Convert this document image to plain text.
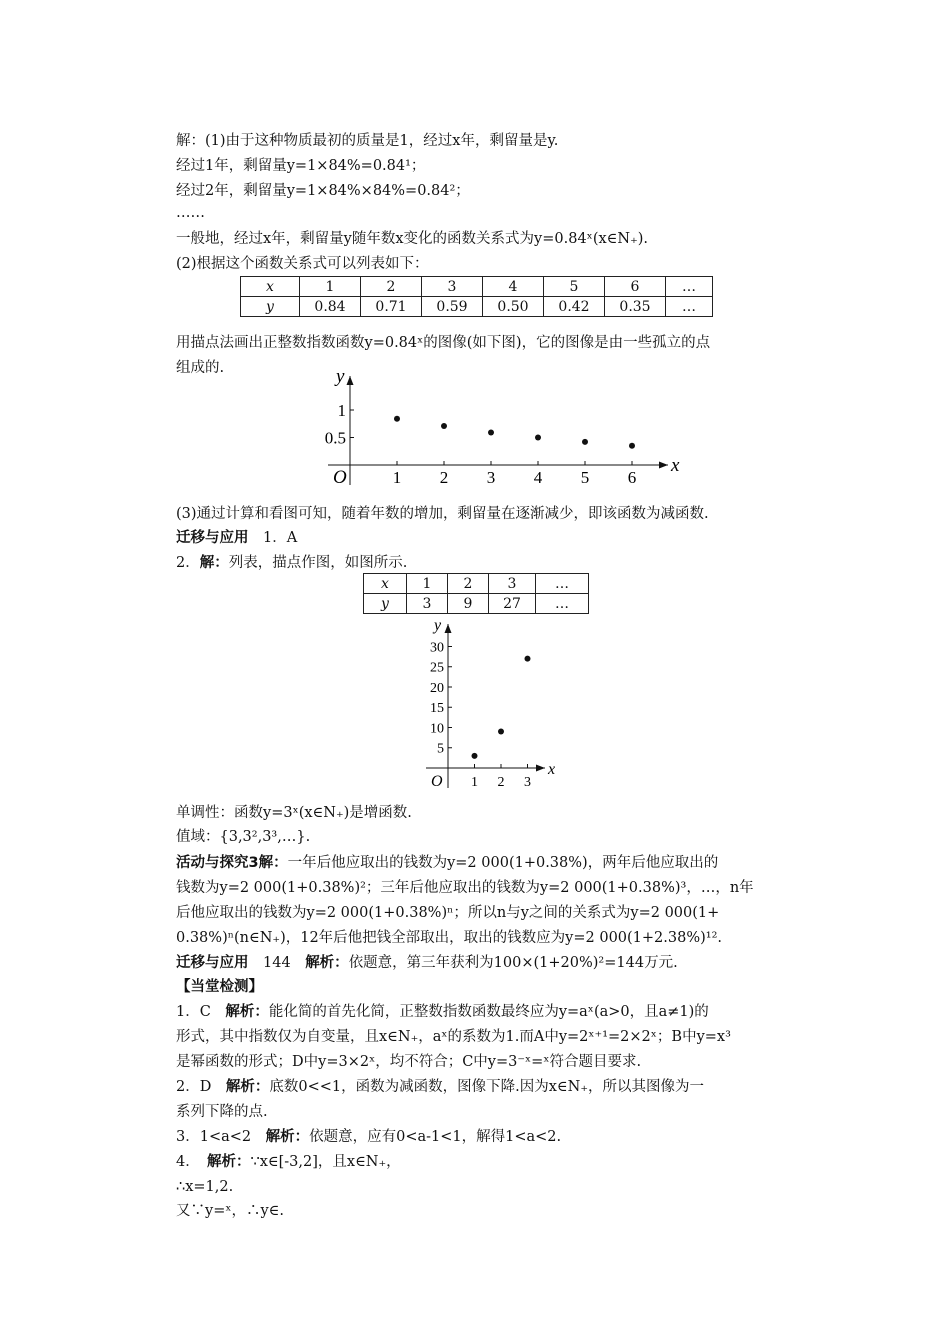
解：(1)由于这种物质最初的质量是1，经过x年，剩留量是y.
经过1年，剩留量y=1×84%=0.84¹；
经过2年，剩留量y=1×84%×84%=0.84²；
……
一般地，经过x年，剩留量y随年数x变化的函数关系式为y=0.84ˣ(x∈N₊).
(2)根据这个函数关系式可以列表如下：
x	1	2	3	4	5	6	…
y	0.84	0.71	0.59	0.50	0.42	0.35	…
用描点法画出正整数指数函数y=0.84ˣ的图像(如下图)，它的图像是由一些孤立的点
组成的.
x
y
O	1 2 3 4 5 6
1
0.5
(3)通过计算和看图可知，随着年数的增加，剩留量在逐渐减少，即该函数为减函数.
迁移与应用　1．A
2．解：列表，描点作图，如图所示.
x	1	2	3	…
y	3	9	27	…
x
y
O 1 2 3
5
10
15
20
25
30
单调性：函数y=3ˣ(x∈N₊)是增函数.
值域：{3,3²,3³,…}.
活动与探究3解：一年后他应取出的钱数为y=2 000(1+0.38%)，两年后他应取出的
钱数为y=2 000(1+0.38%)²；三年后他应取出的钱数为y=2 000(1+0.38%)³，…，n年
后他应取出的钱数为y=2 000(1+0.38%)ⁿ；所以n与y之间的关系式为y=2 000(1+
0.38%)ⁿ(n∈N₊)，12年后他把钱全部取出，取出的钱数应为y=2 000(1+2.38%)¹².
迁移与应用　144　解析：依题意，第三年获利为100×(1+20%)²=144万元.
【当堂检测】
1．C　解析：能化简的首先化简，正整数指数函数最终应为y=aˣ(a>0，且a≠1)的
形式，其中指数仅为自变量，且x∈N₊，aˣ的系数为1.而A中y=2ˣ⁺¹=2×2ˣ；B中y=x³
是幂函数的形式；D中y=3×2ˣ，均不符合；C中y=3⁻ˣ=ˣ符合题目要求.
2．D　解析：底数0<<1，函数为减函数，图像下降.因为x∈N₊，所以其图像为一
系列下降的点.
3．1<a<2　解析：依题意，应有0<a-1<1，解得1<a<2.
4．　解析：∵x∈[-3,2]，且x∈N₊，
∴x=1,2.
又∵y=ˣ，∴y∈.
